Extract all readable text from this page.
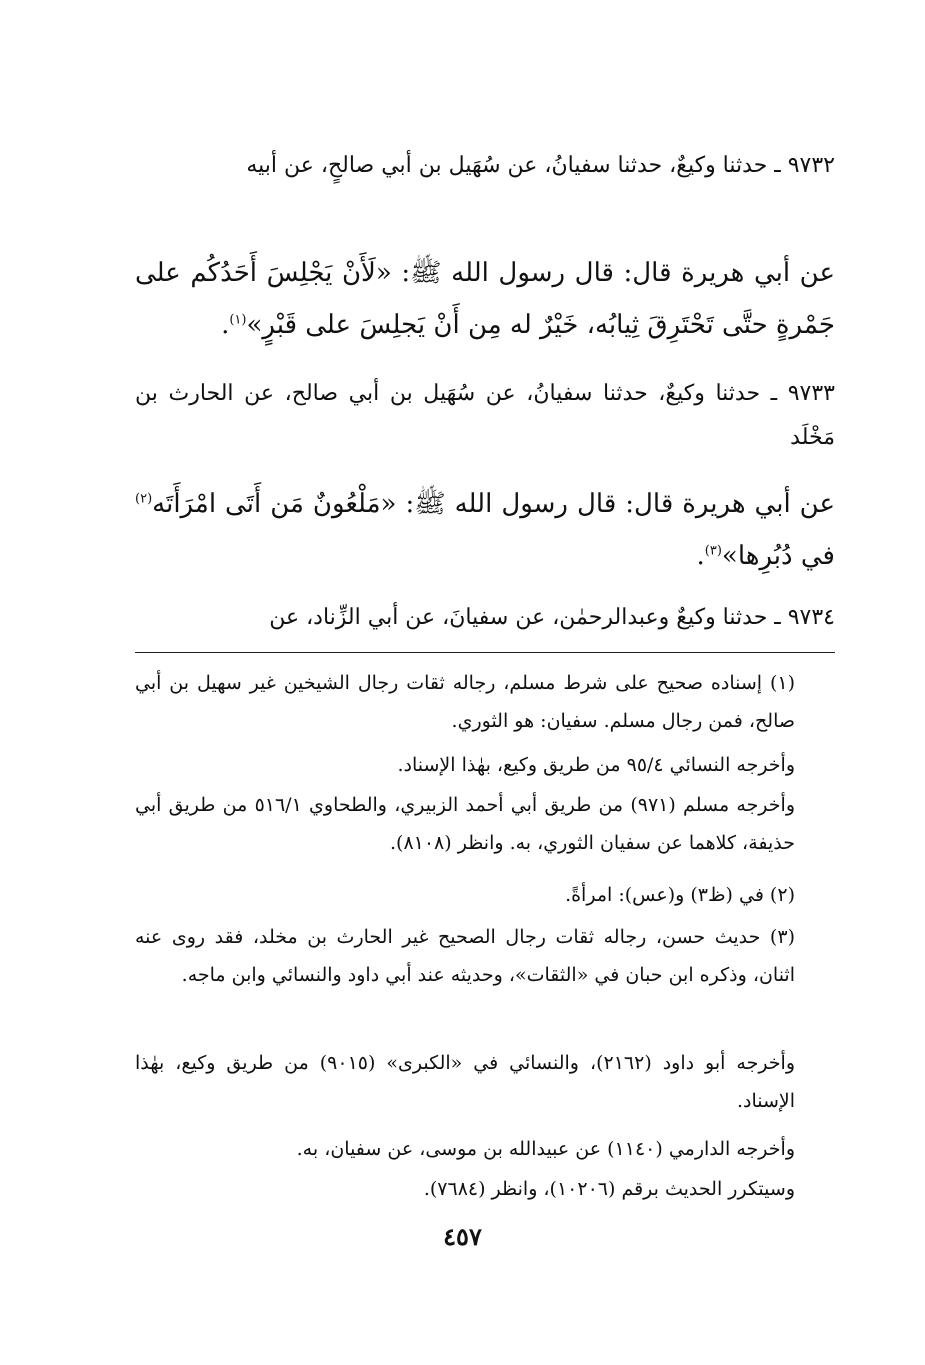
٩٧٣٢ ـ حدثنا وكيعٌ، حدثنا سفيانُ، عن سُهَيل بن أبي صالحٍ، عن أبيه
عن أبي هريرة قال: قال رسول الله ﷺ: «لَأَنْ يَجْلِسَ أَحَدُكُم على جَمْرةٍ حتَّى تَحْتَرِقَ ثِيابُه، خَيْرٌ له مِن أَنْ يَجلِسَ على قَبْرٍ»$^{(١)}$.
٩٧٣٣ ـ حدثنا وكيعٌ، حدثنا سفيانُ، عن سُهَيل بن أبي صالح، عن الحارث بن مَخْلَد
عن أبي هريرة قال: قال رسول الله ﷺ: «مَلْعُونٌ مَن أَتَى امْرَأَتَه$^{(٢)}$ في دُبُرِها»$^{(٣)}$.
٩٧٣٤ ـ حدثنا وكيعٌ وعبدالرحمٰن، عن سفيانَ، عن أبي الزِّناد، عن
(١) إسناده صحيح على شرط مسلم، رجاله ثقات رجال الشيخين غير سهيل بن أبي صالح، فمن رجال مسلم. سفيان: هو الثوري.
وأخرجه النسائي ٩٥/٤ من طريق وكيع، بهٰذا الإسناد.
وأخرجه مسلم (٩٧١) من طريق أبي أحمد الزبيري، والطحاوي ٥١٦/١ من طريق أبي حذيفة، كلاهما عن سفيان الثوري، به. وانظر (٨١٠٨).
(٢) في (ظ٣) و(عس): امرأةً.
(٣) حديث حسن، رجاله ثقات رجال الصحيح غير الحارث بن مخلد، فقد روى عنه اثنان، وذكره ابن حبان في «الثقات»، وحديثه عند أبي داود والنسائي وابن ماجه.
وأخرجه أبو داود (٢١٦٢)، والنسائي في «الكبرى» (٩٠١٥) من طريق وكيع، بهٰذا الإسناد.
وأخرجه الدارمي (١١٤٠) عن عبيدالله بن موسى، عن سفيان، به.
وسيتكرر الحديث برقم (١٠٢٠٦)، وانظر (٧٦٨٤).
٤٥٧
